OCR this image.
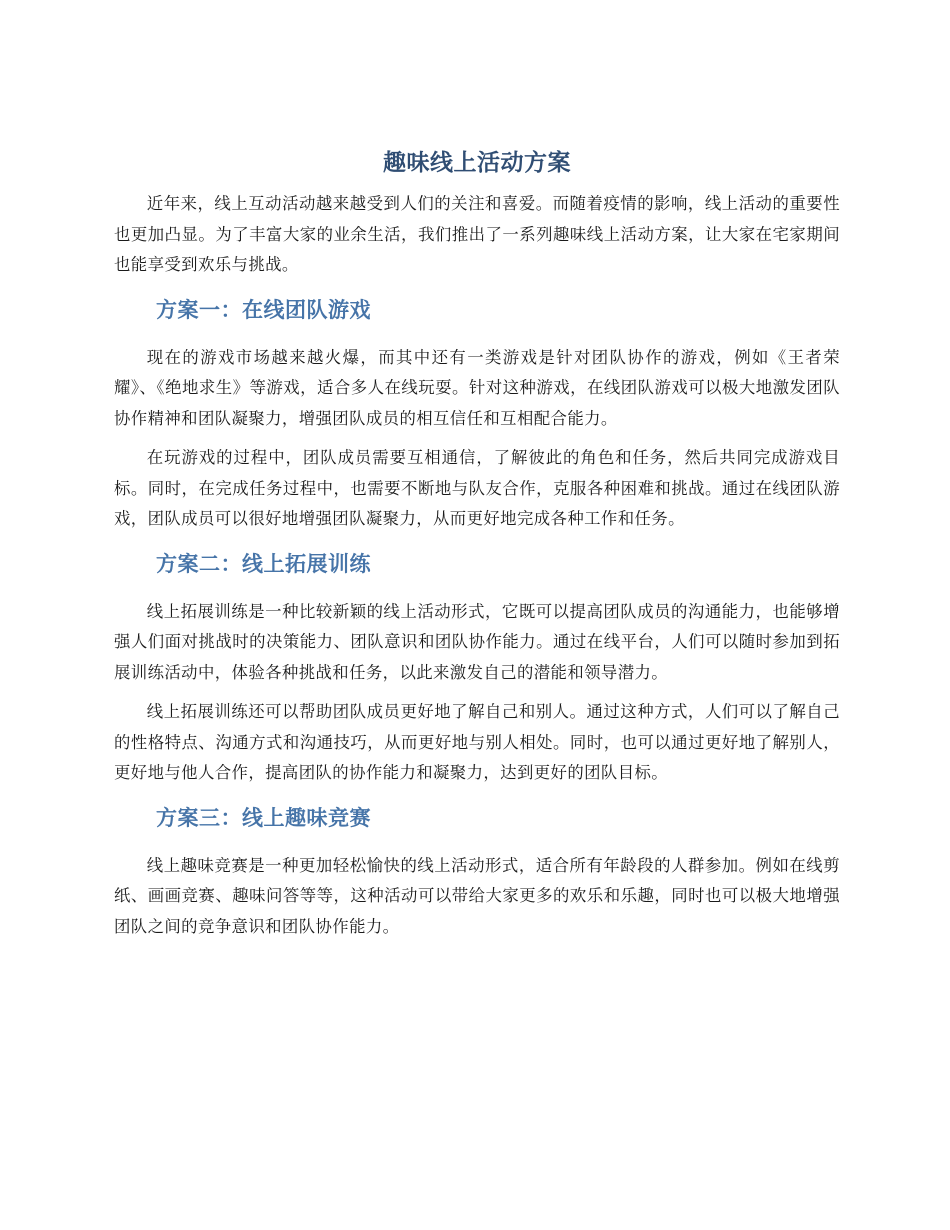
趣味线上活动方案

近年来，线上互动活动越来越受到人们的关注和喜爱。而随着疫情的影响，线上活动的重要性也更加凸显。为了丰富大家的业余生活，我们推出了一系列趣味线上活动方案，让大家在宅家期间也能享受到欢乐与挑战。

方案一：在线团队游戏

现在的游戏市场越来越火爆，而其中还有一类游戏是针对团队协作的游戏，例如《王者荣耀》、《绝地求生》等游戏，适合多人在线玩耍。针对这种游戏，在线团队游戏可以极大地激发团队协作精神和团队凝聚力，增强团队成员的相互信任和互相配合能力。

在玩游戏的过程中，团队成员需要互相通信，了解彼此的角色和任务，然后共同完成游戏目标。同时，在完成任务过程中，也需要不断地与队友合作，克服各种困难和挑战。通过在线团队游戏，团队成员可以很好地增强团队凝聚力，从而更好地完成各种工作和任务。

方案二：线上拓展训练

线上拓展训练是一种比较新颖的线上活动形式，它既可以提高团队成员的沟通能力，也能够增强人们面对挑战时的决策能力、团队意识和团队协作能力。通过在线平台，人们可以随时参加到拓展训练活动中，体验各种挑战和任务，以此来激发自己的潜能和领导潜力。

线上拓展训练还可以帮助团队成员更好地了解自己和别人。通过这种方式，人们可以了解自己的性格特点、沟通方式和沟通技巧，从而更好地与别人相处。同时，也可以通过更好地了解别人，更好地与他人合作，提高团队的协作能力和凝聚力，达到更好的团队目标。

方案三：线上趣味竞赛

线上趣味竞赛是一种更加轻松愉快的线上活动形式，适合所有年龄段的人群参加。例如在线剪纸、画画竞赛、趣味问答等等，这种活动可以带给大家更多的欢乐和乐趣，同时也可以极大地增强团队之间的竞争意识和团队协作能力。
